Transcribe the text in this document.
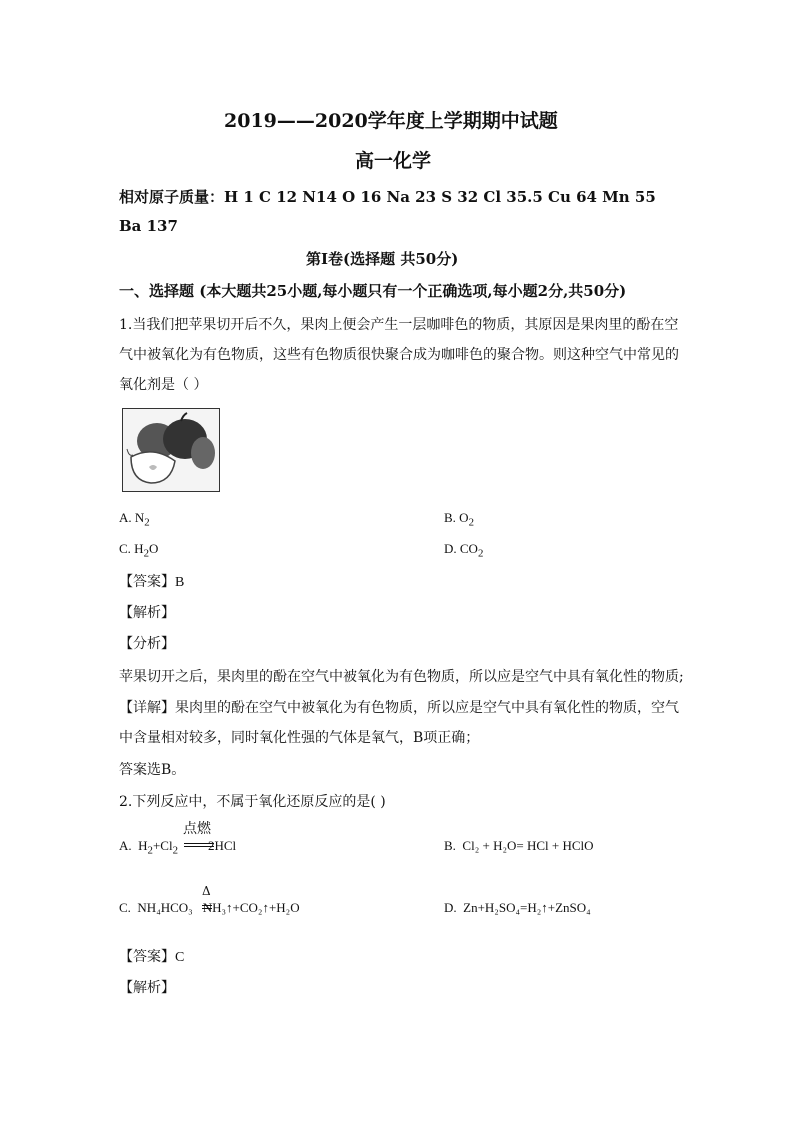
2019——2020学年度上学期期中试题
高一化学
相对原子质量：H 1 C 12 N14 O 16 Na 23 S 32 Cl 35.5 Cu 64 Mn 55
Ba 137
第Ⅰ卷(选择题 共50分)
一、选择题 (本大题共25小题,每小题只有一个正确选项,每小题2分,共50分)
1.当我们把苹果切开后不久，果肉上便会产生一层咖啡色的物质，其原因是果肉里的酚在空
气中被氧化为有色物质，这些有色物质很快聚合成为咖啡色的聚合物。则这种空气中常见的
氧化剂是（ ）
A. $N_2$	B. $O_2$
C. $H_2O$	D. $CO_2$
【答案】B
【解析】
【分析】
苹果切开之后，果肉里的酚在空气中被氧化为有色物质，所以应是空气中具有氧化性的物质;
【详解】果肉里的酚在空气中被氧化为有色物质，所以应是空气中具有氧化性的物质，空气
中含量相对较多，同时氧化性强的气体是氧气，B项正确；
答案选B。
2.下列反应中，不属于氧化还原反应的是( )
A. $H_2+Cl_2$ 2HCl
点燃
B. Cl₂ + H₂O= HCl + HClO
C. NH₄HCO₃ NH₃↑+CO₂↑+H₂O
Δ
D. Zn+H₂SO₄=H₂↑+ZnSO₄
【答案】C
【解析】
